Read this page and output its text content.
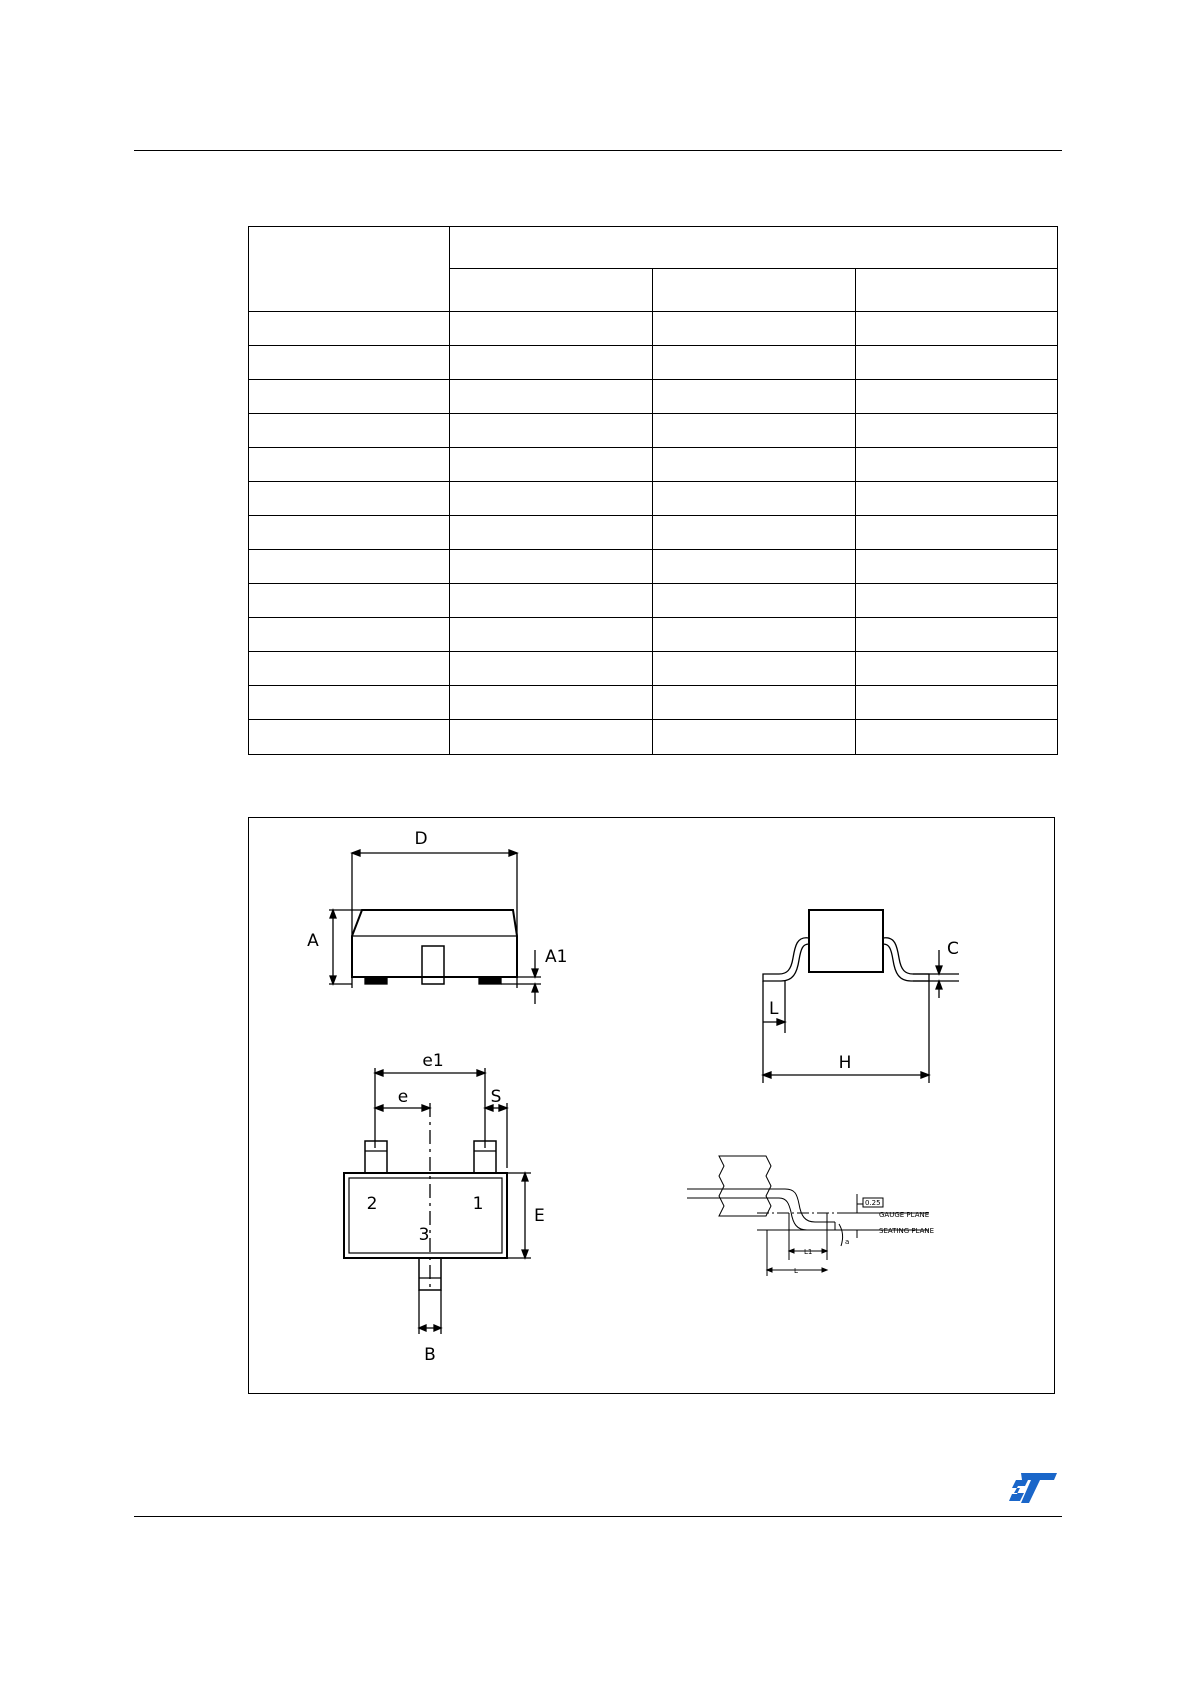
D
A
A1	C
L
H
e1
e	S
E
B
2	1
3
0.25
GAUGE PLANE
SEATING PLANE
L1
L
a
